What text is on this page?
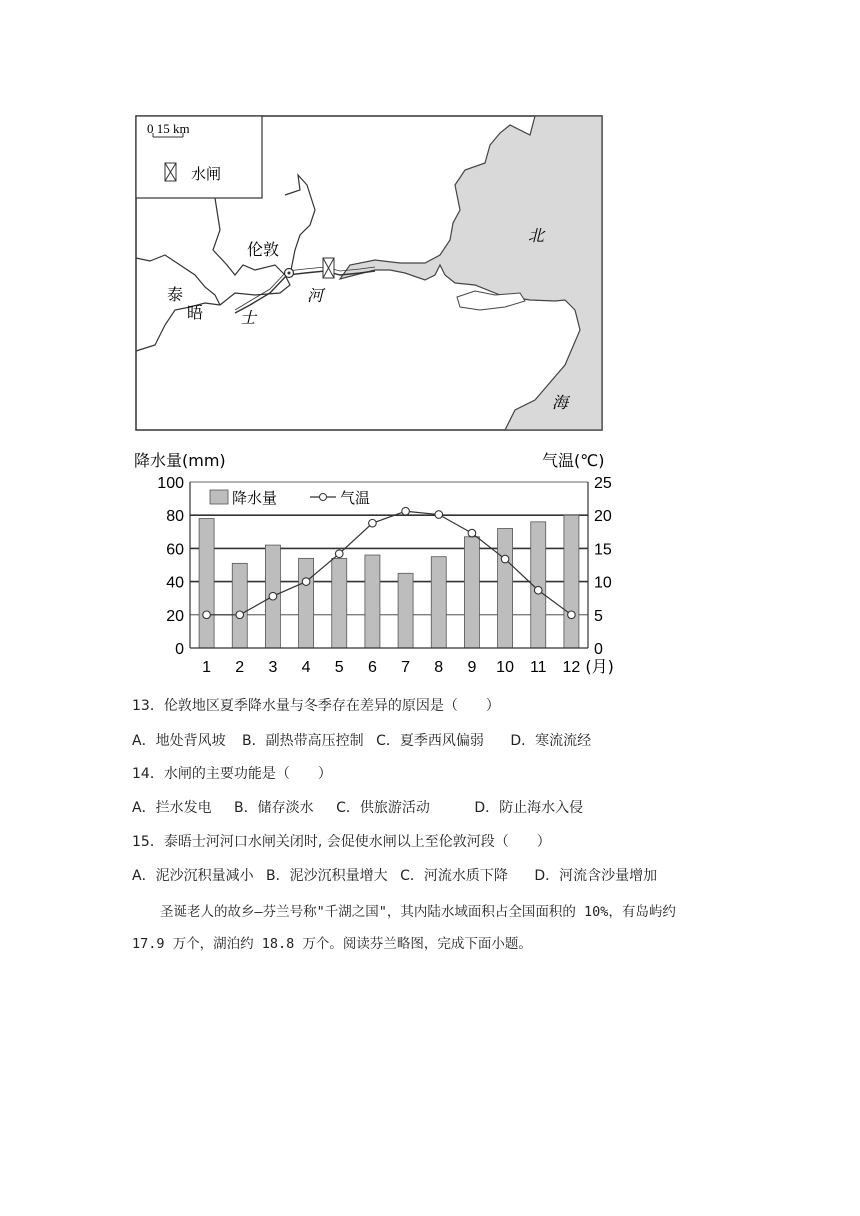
0 15 km
水闸
伦敦
泰
晤 士
河
北
海
降水量(mm)	气温(℃)
0
20
40
60
80
100
0
5
10
15
20
25
1 2 3 4 5 6 7 8 9 10 11 12 (月)
降水量	气温
13．伦敦地区夏季降水量与冬季存在差异的原因是（　　）
A．地处背风坡 B．副热带高压控制 C．夏季西风偏弱 D．寒流流经
14．水闸的主要功能是（　　）
A．拦水发电 B．储存淡水 C．供旅游活动	D．防止海水入侵
15．泰晤士河河口水闸关闭时, 会促使水闸以上至伦敦河段（　　）
A．泥沙沉积量减小 B．泥沙沉积量增大 C．河流水质下降 D．河流含沙量增加
圣诞老人的故乡—芬兰号称"千湖之国"，其内陆水域面积占全国面积的 10%，有岛屿约
17.9 万个，湖泊约 18.8 万个。阅读芬兰略图，完成下面小题。
